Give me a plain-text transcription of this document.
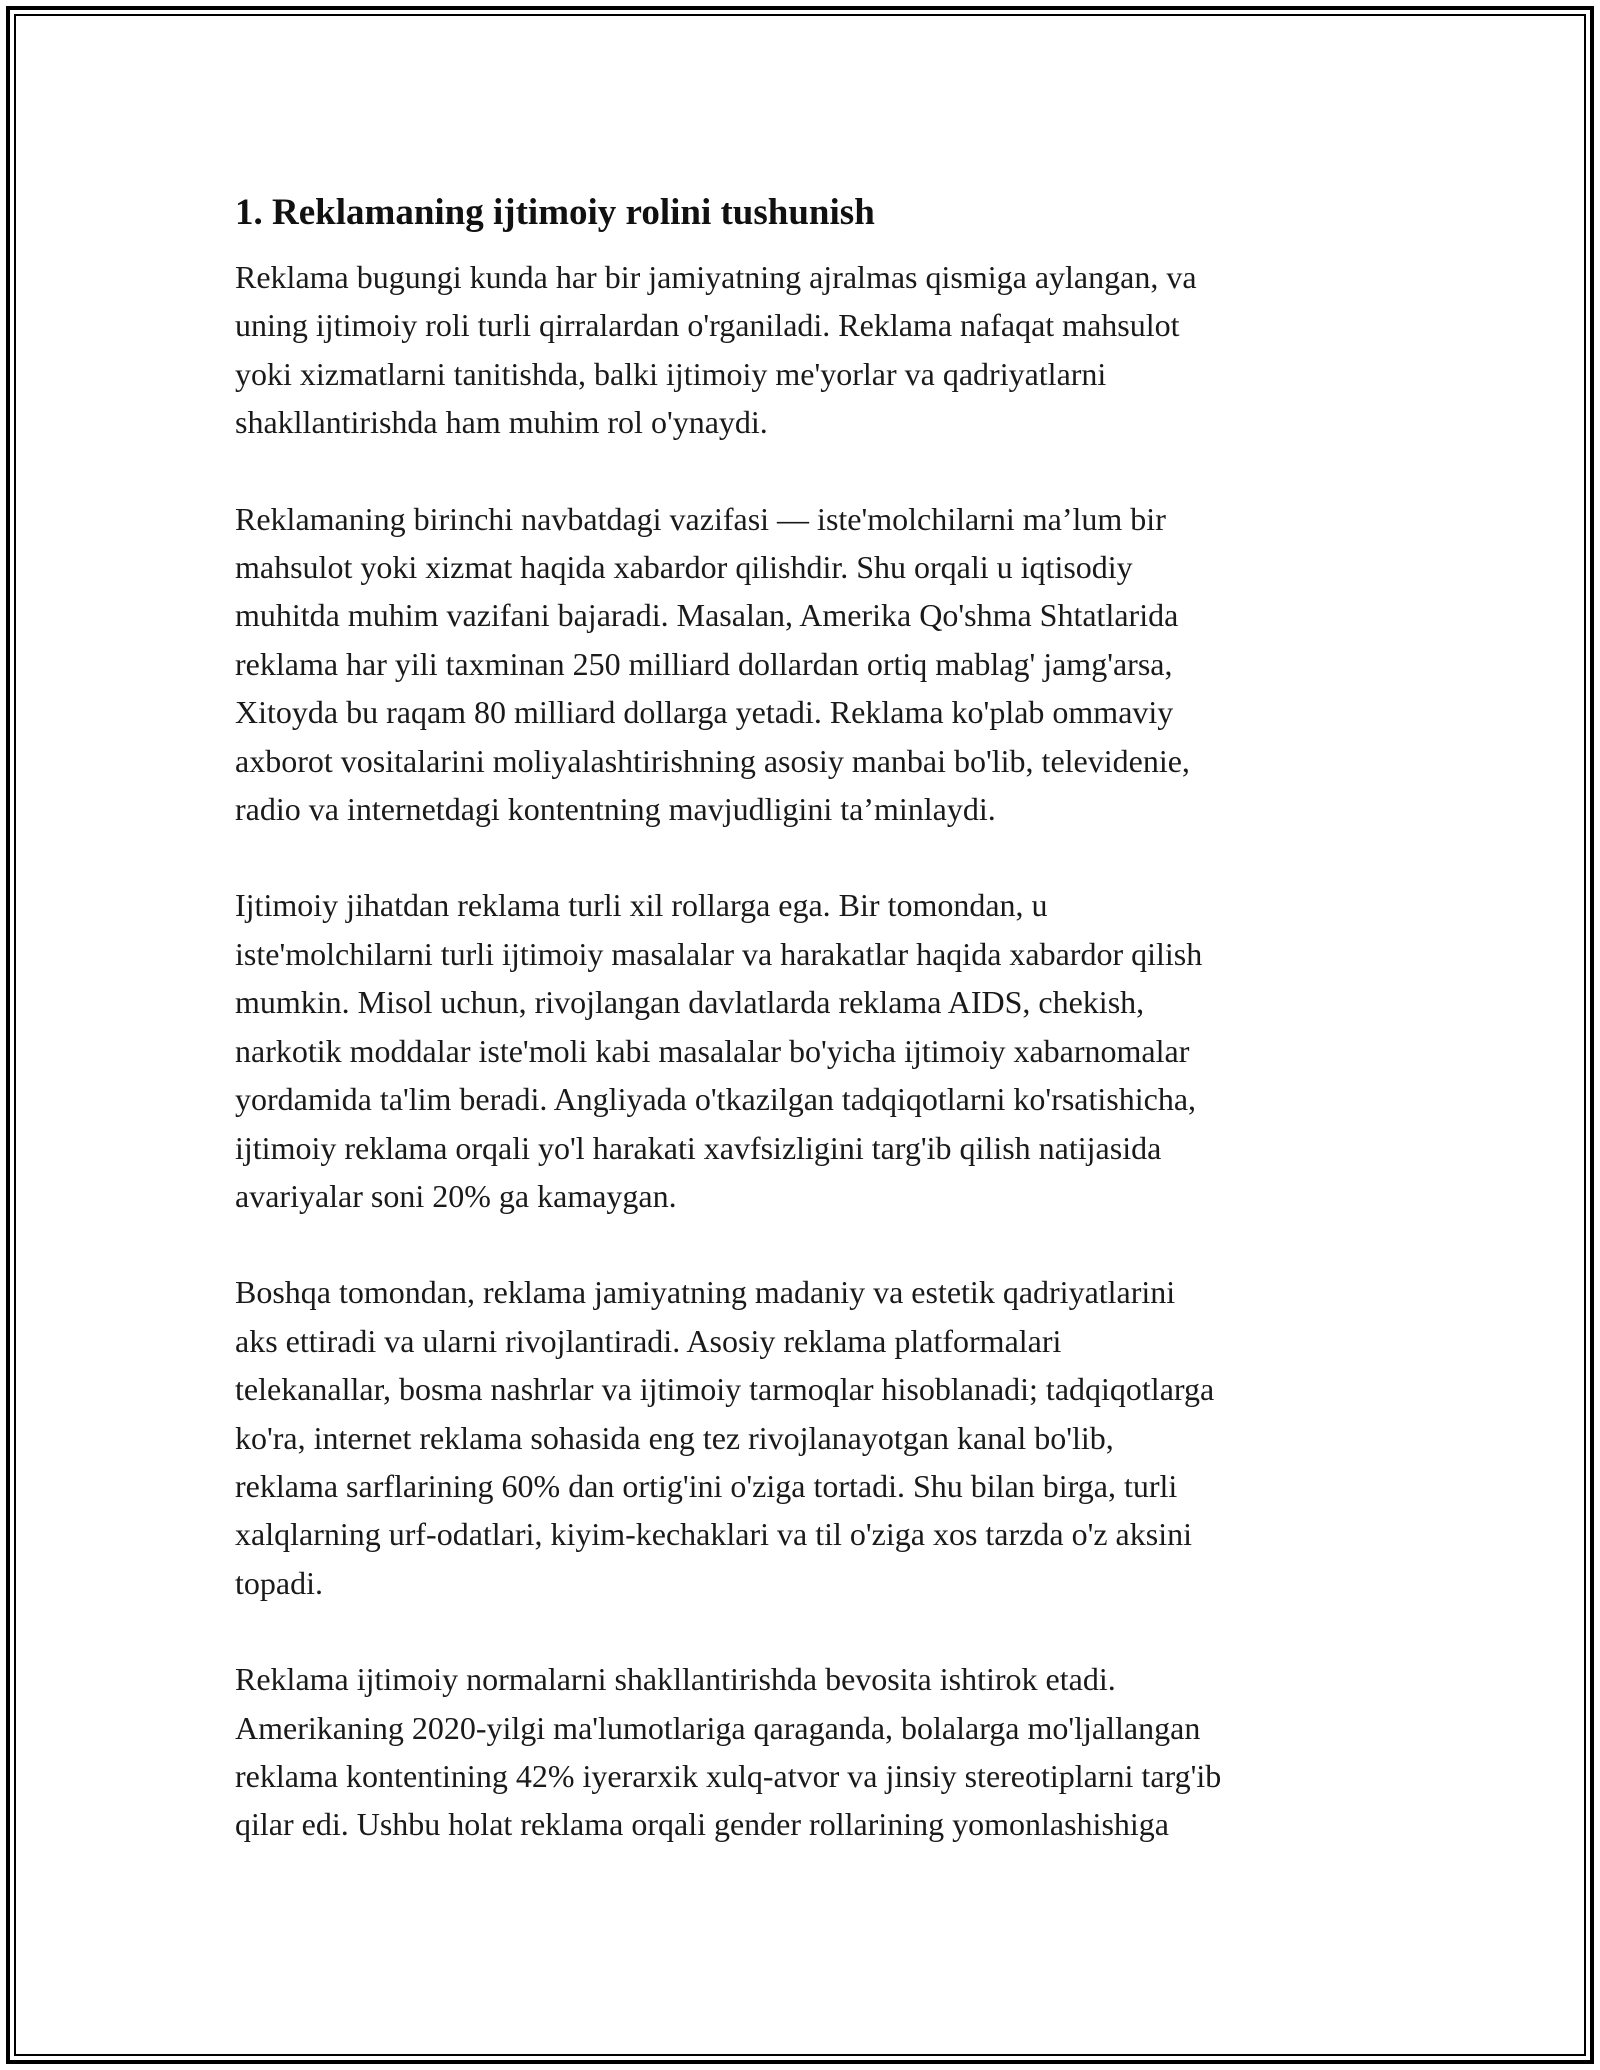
1. Reklamaning ijtimoiy rolini tushunish

Reklama bugungi kunda har bir jamiyatning ajralmas qismiga aylangan, va
uning ijtimoiy roli turli qirralardan o'rganiladi. Reklama nafaqat mahsulot
yoki xizmatlarni tanitishda, balki ijtimoiy me'yorlar va qadriyatlarni
shakllantirishda ham muhim rol o'ynaydi.

Reklamaning birinchi navbatdagi vazifasi — iste'molchilarni ma’lum bir
mahsulot yoki xizmat haqida xabardor qilishdir. Shu orqali u iqtisodiy
muhitda muhim vazifani bajaradi. Masalan, Amerika Qo'shma Shtatlarida
reklama har yili taxminan 250 milliard dollardan ortiq mablag' jamg'arsa,
Xitoyda bu raqam 80 milliard dollarga yetadi. Reklama ko'plab ommaviy
axborot vositalarini moliyalashtirishning asosiy manbai bo'lib, televidenie,
radio va internetdagi kontentning mavjudligini ta’minlaydi.

Ijtimoiy jihatdan reklama turli xil rollarga ega. Bir tomondan, u
iste'molchilarni turli ijtimoiy masalalar va harakatlar haqida xabardor qilish
mumkin. Misol uchun, rivojlangan davlatlarda reklama AIDS, chekish,
narkotik moddalar iste'moli kabi masalalar bo'yicha ijtimoiy xabarnomalar
yordamida ta'lim beradi. Angliyada o'tkazilgan tadqiqotlarni ko'rsatishicha,
ijtimoiy reklama orqali yo'l harakati xavfsizligini targ'ib qilish natijasida
avariyalar soni 20% ga kamaygan.

Boshqa tomondan, reklama jamiyatning madaniy va estetik qadriyatlarini
aks ettiradi va ularni rivojlantiradi. Asosiy reklama platformalari
telekanallar, bosma nashrlar va ijtimoiy tarmoqlar hisoblanadi; tadqiqotlarga
ko'ra, internet reklama sohasida eng tez rivojlanayotgan kanal bo'lib,
reklama sarflarining 60% dan ortig'ini o'ziga tortadi. Shu bilan birga, turli
xalqlarning urf-odatlari, kiyim-kechaklari va til o'ziga xos tarzda o'z aksini
topadi.

Reklama ijtimoiy normalarni shakllantirishda bevosita ishtirok etadi.
Amerikaning 2020-yilgi ma'lumotlariga qaraganda, bolalarga mo'ljallangan
reklama kontentining 42% iyerarxik xulq-atvor va jinsiy stereotiplarni targ'ib
qilar edi. Ushbu holat reklama orqali gender rollarining yomonlashishiga
